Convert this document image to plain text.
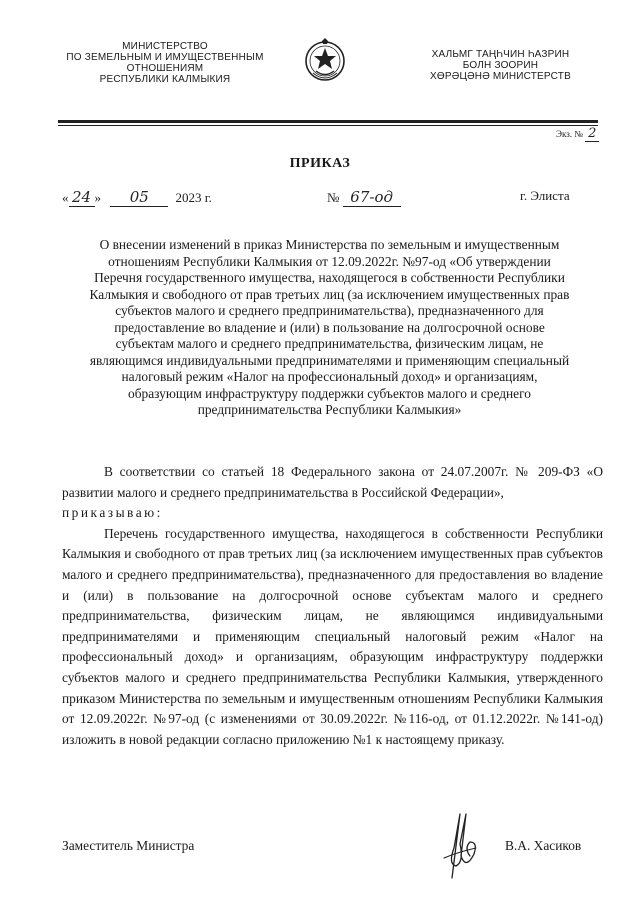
МИНИСТЕРСТВО
ПО ЗЕМЕЛЬНЫМ И ИМУЩЕСТВЕННЫМ
ОТНОШЕНИЯМ
РЕСПУБЛИКИ КАЛМЫКИЯ
ХАЛЬМГ ТАҢҺЧИН ҺАЗРИН
БОЛН ЗООРИН
ХӨРӘЦӘНӘ МИНИСТЕРСТВ
Экз. № 2
ПРИКАЗ
« 24 » 05 2023 г.	№ 67-од	г. Элиста
О внесении изменений в приказ Министерства по земельным и имущественным
отношениям Республики Калмыкия от 12.09.2022г. №97-од «Об утверждении
Перечня государственного имущества, находящегося в собственности Республики
Калмыкия и свободного от прав третьих лиц (за исключением имущественных прав
субъектов малого и среднего предпринимательства), предназначенного для
предоставление во владение и (или) в пользование на долгосрочной основе
субъектам малого и среднего предпринимательства, физическим лицам, не
являющимся индивидуальными предпринимателями и применяющим специальный
налоговый режим «Налог на профессиональный доход» и организациям,
образующим инфраструктуру поддержки субъектов малого и среднего
предпринимательства Республики Калмыкия»

В соответствии со статьей 18 Федерального закона от 24.07.2007г. № 209-ФЗ «О развитии малого и среднего предпринимательства в Российской Федерации»,

приказываю:

Перечень государственного имущества, находящегося в собственности Республики Калмыкия и свободного от прав третьих лиц (за исключением имущественных прав субъектов малого и среднего предпринимательства), предназначенного для предоставления во владение и (или) в пользование на долгосрочной основе субъектам малого и среднего предпринимательства, физическим лицам, не являющимся индивидуальными предпринимателями и применяющим специальный налоговый режим «Налог на профессиональный доход» и организациям, образующим инфраструктуру поддержки субъектов малого и среднего предпринимательства Республики Калмыкия, утвержденного приказом Министерства по земельным и имущественным отношениям Республики Калмыкия от 12.09.2022г. №97-од (с изменениями от 30.09.2022г. №116-од, от 01.12.2022г. №141-од) изложить в новой редакции согласно приложению №1 к настоящему приказу.

Заместитель Министра	В.А. Хасиков
